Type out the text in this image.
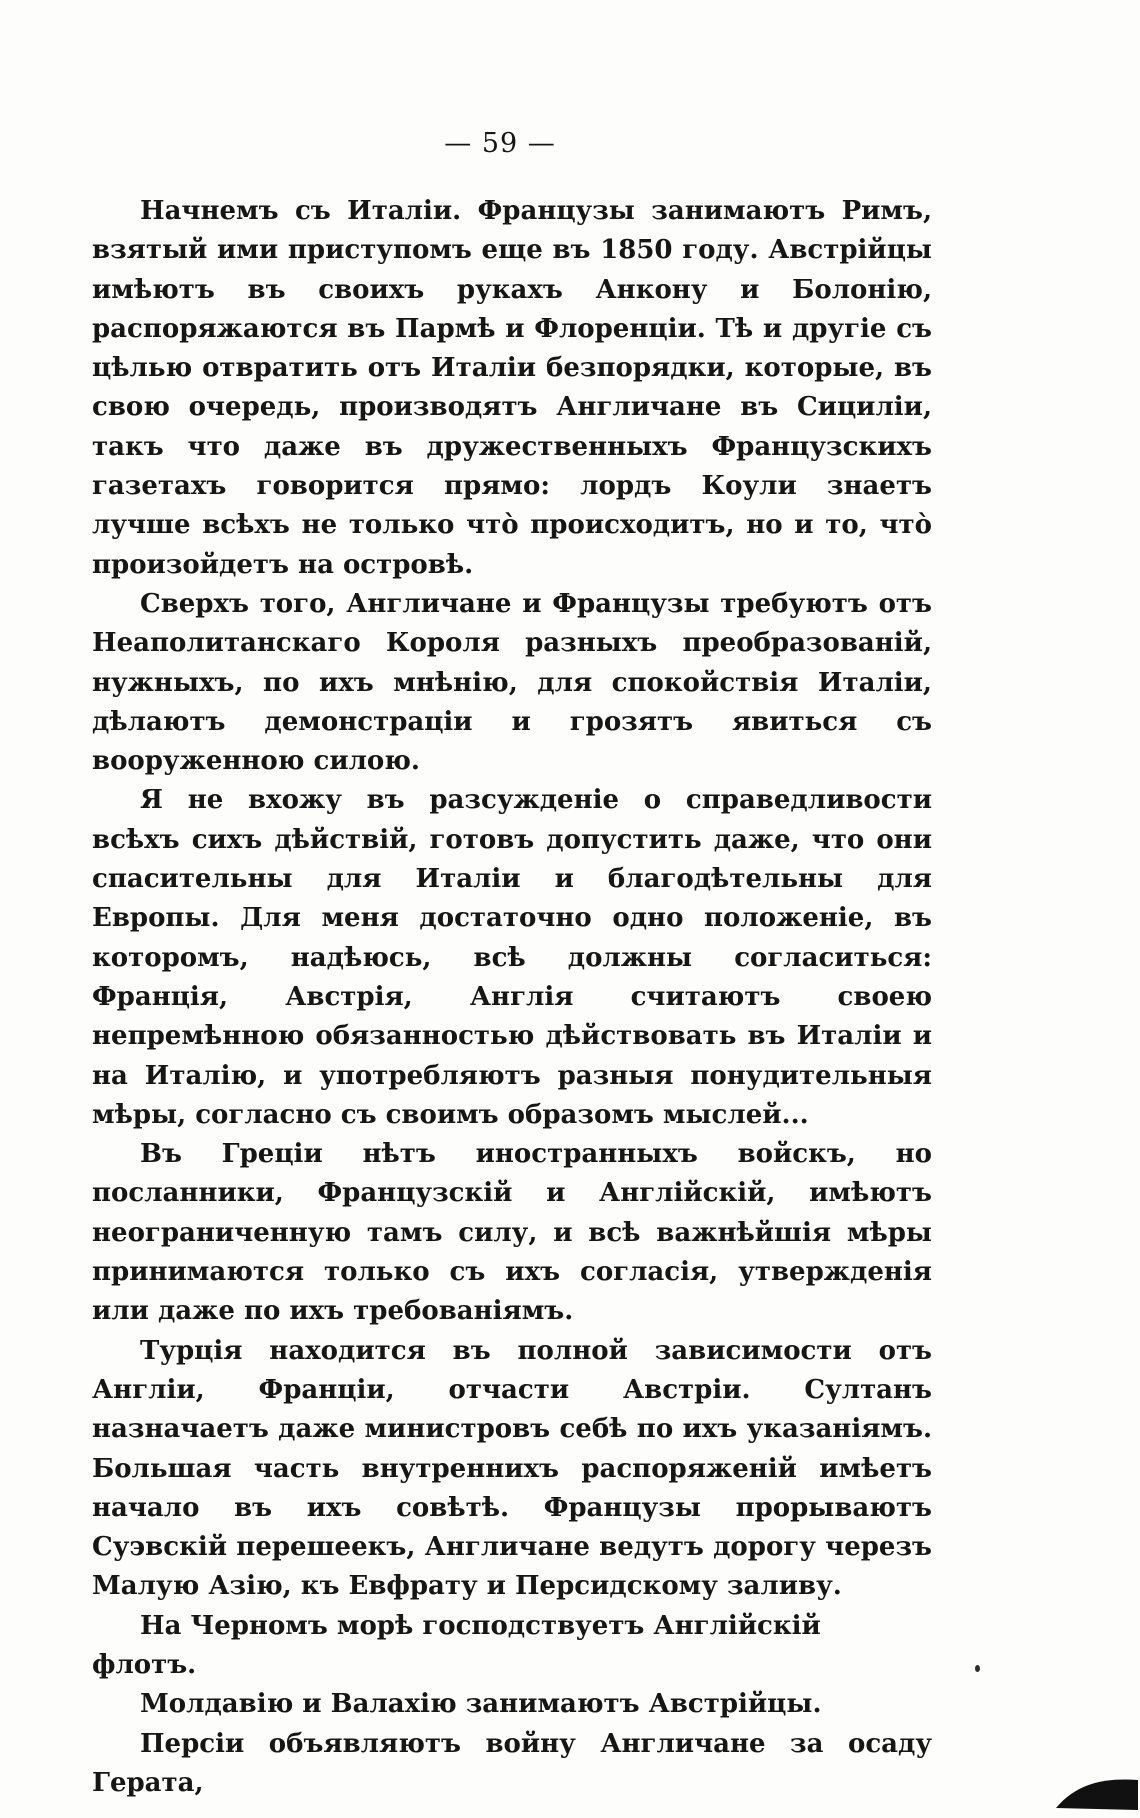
— 59 —

Начнемъ съ Италіи. Французы занимаютъ Римъ, взятый ими приступомъ еще въ 1850 году. Австрійцы имѣютъ въ своихъ рукахъ Анкону и Болонію, распоряжаются въ Пармѣ и Флоренціи. Тѣ и другіе съ цѣлью отвратить отъ Италіи безпорядки, которые, въ свою очередь, производятъ Англичане въ Сициліи, такъ что даже въ дружественныхъ Французскихъ газетахъ говорится прямо: лордъ Коули знаетъ лучше всѣхъ не только что̀ происходитъ, но и то, что̀ произойдетъ на островѣ.

Сверхъ того, Англичане и Французы требуютъ отъ Неаполитанскаго Короля разныхъ преобразованій, нужныхъ, по ихъ мнѣнію, для спокойствія Италіи, дѣлаютъ демонстраціи и грозятъ явиться съ вооруженною силою.

Я не вхожу въ разсужденіе о справедливости всѣхъ сихъ дѣйствій, готовъ допустить даже, что они спасительны для Италіи и благодѣтельны для Европы. Для меня достаточно одно положеніе, въ которомъ, надѣюсь, всѣ должны согласиться: Франція, Австрія, Англія считаютъ своею непремѣнною обязанностью дѣйствовать въ Италіи и на Италію, и употребляютъ разныя понудительныя мѣры, согласно съ своимъ образомъ мыслей...

Въ Греціи нѣтъ иностранныхъ войскъ, но посланники, Французскій и Англійскій, имѣютъ неограниченную тамъ силу, и всѣ важнѣйшія мѣры принимаются только съ ихъ согласія, утвержденія или даже по ихъ требованіямъ.

Турція находится въ полной зависимости отъ Англіи, Франціи, отчасти Австріи. Султанъ назначаетъ даже министровъ себѣ по ихъ указаніямъ. Большая часть внутреннихъ распоряженій имѣетъ начало въ ихъ совѣтѣ. Французы прорываютъ Суэвскій перешеекъ, Англичане ведутъ дорогу черезъ Малую Азію, къ Евфрату и Персидскому заливу.

На Черномъ морѣ господствуетъ Англійскій флотъ.

Молдавію и Валахію занимаютъ Австрійцы.

Персіи объявляютъ войну Англичане за осаду Герата,
